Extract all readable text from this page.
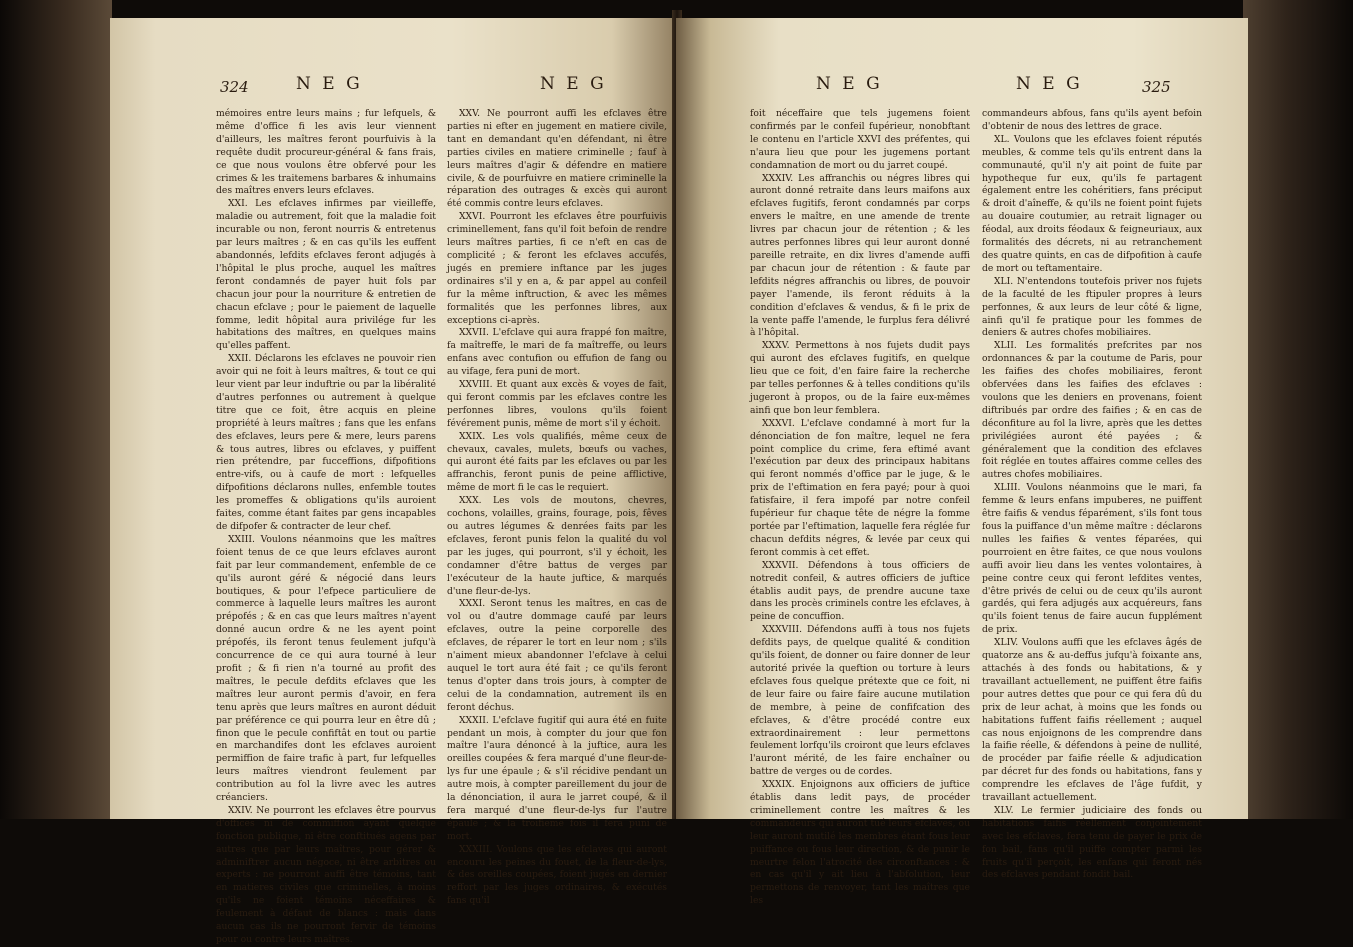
324	N E G	N E G

mémoires entre leurs mains ; fur lefquels, & même d'office fi les avis leur viennent d'ailleurs, les maîtres feront pourfuivis à la requête dudit procureur-général & fans frais, ce que nous voulons être obfervé pour les crimes & les traitemens barbares & inhumains des maîtres envers leurs efclaves.

XXI. Les efclaves infirmes par vieilleffe, maladie ou autrement, foit que la maladie foit incurable ou non, feront nourris & entretenus par leurs maîtres ; & en cas qu'ils les euffent abandonnés, lefdits efclaves feront adjugés à l'hôpital le plus proche, auquel les maîtres feront condamnés de payer huit fols par chacun jour pour la nourriture & entretien de chacun efclave ; pour le paiement de laquelle fomme, ledit hôpital aura privilége fur les habitations des maîtres, en quelques mains qu'elles paffent.

XXII. Déclarons les efclaves ne pouvoir rien avoir qui ne foit à leurs maîtres, & tout ce qui leur vient par leur induftrie ou par la libéralité d'autres perfonnes ou autrement à quelque titre que ce foit, être acquis en pleine propriété à leurs maîtres ; fans que les enfans des efclaves, leurs pere & mere, leurs parens & tous autres, libres ou efclaves, y puiffent rien prétendre, par fucceffions, difpofitions entre-vifs, ou à caufe de mort : lefquelles difpofitions déclarons nulles, enfemble toutes les promeffes & obligations qu'ils auroient faites, comme étant faites par gens incapables de difpofer & contracter de leur chef.

XXIII. Voulons néanmoins que les maîtres foient tenus de ce que leurs efclaves auront fait par leur commandement, enfemble de ce qu'ils auront géré & négocié dans leurs boutiques, & pour l'efpece particuliere de commerce à laquelle leurs maîtres les auront prépofés ; & en cas que leurs maîtres n'ayent donné aucun ordre & ne les ayent point prépofés, ils feront tenus feulement jufqu'à concurrence de ce qui aura tourné à leur profit ; & fi rien n'a tourné au profit des maîtres, le pecule defdits efclaves que les maîtres leur auront permis d'avoir, en fera tenu après que leurs maîtres en auront déduit par préférence ce qui pourra leur en être dû ; finon que le pecule confiftât en tout ou partie en marchandifes dont les efclaves auroient permiffion de faire trafic à part, fur lefquelles leurs maîtres viendront feulement par contribution au fol la livre avec les autres créanciers.

XXIV. Ne pourront les efclaves être pourvus d'offices ni de commiffion ayant quelque fonction publique, ni être conftitués agens par autres que par leurs maîtres, pour gérer & adminiftrer aucun négoce, ni être arbitres ou experts : ne pourront auffi être témoins, tant en matieres civiles que criminelles, à moins qu'ils ne foient témoins néceffaires & feulement à défaut de blancs : mais dans aucun cas ils ne pourront fervir de témoins pour ou contre leurs maîtres.

XXV. Ne pourront auffi les efclaves être parties ni efter en jugement en matiere civile, tant en demandant qu'en défendant, ni être parties civiles en matiere criminelle ; fauf à leurs maîtres d'agir & défendre en matiere civile, & de pourfuivre en matiere criminelle la réparation des outrages & excès qui auront été commis contre leurs efclaves.

XXVI. Pourront les efclaves être pourfuivis criminellement, fans qu'il foit befoin de rendre leurs maîtres parties, fi ce n'eft en cas de complicité ; & feront les efclaves accufés, jugés en premiere inftance par les juges ordinaires s'il y en a, & par appel au confeil fur la même inftruction, & avec les mêmes formalités que les perfonnes libres, aux exceptions ci-après.

XXVII. L'efclave qui aura frappé fon maître, fa maîtreffe, le mari de fa maîtreffe, ou leurs enfans avec contufion ou effufion de fang ou au vifage, fera puni de mort.

XXVIII. Et quant aux excès & voyes de fait, qui feront commis par les efclaves contre les perfonnes libres, voulons qu'ils foient févérement punis, même de mort s'il y échoit.

XXIX. Les vols qualifiés, même ceux de chevaux, cavales, mulets, bœufs ou vaches, qui auront été faits par les efclaves ou par les affranchis, feront punis de peine afflictive, même de mort fi le cas le requiert.

XXX. Les vols de moutons, chevres, cochons, volailles, grains, fourage, pois, fêves ou autres légumes & denrées faits par les efclaves, feront punis felon la qualité du vol par les juges, qui pourront, s'il y échoit, les condamner d'être battus de verges par l'exécuteur de la haute juftice, & marqués d'une fleur-de-lys.

XXXI. Seront tenus les maîtres, en cas de vol ou d'autre dommage caufé par leurs efclaves, outre la peine corporelle des efclaves, de réparer le tort en leur nom ; s'ils n'aiment mieux abandonner l'efclave à celui auquel le tort aura été fait ; ce qu'ils feront tenus d'opter dans trois jours, à compter de celui de la condamnation, autrement ils en feront déchus.

XXXII. L'efclave fugitif qui aura été en fuite pendant un mois, à compter du jour que fon maître l'aura dénoncé à la juftice, aura les oreilles coupées & fera marqué d'une fleur-de-lys fur une épaule ; & s'il récidive pendant un autre mois, à compter pareillement du jour de la dénonciation, il aura le jarret coupé, & il fera marqué d'une fleur-de-lys fur l'autre épaule ; & la troifieme fois il fera puni de mort.

XXXIII. Voulons que les efclaves qui auront encouru les peines du fouet, de la fleur-de-lys, & des oreilles coupées, foient jugés en dernier reffort par les juges ordinaires, & exécutés fans qu'il

N E G	N E G	325

foit néceffaire que tels jugemens foient confirmés par le confeil fupérieur, nonobftant le contenu en l'article XXVI des préfentes, qui n'aura lieu que pour les jugemens portant condamnation de mort ou du jarret coupé.

XXXIV. Les affranchis ou négres libres qui auront donné retraite dans leurs maifons aux efclaves fugitifs, feront condamnés par corps envers le maître, en une amende de trente livres par chacun jour de rétention ; & les autres perfonnes libres qui leur auront donné pareille retraite, en dix livres d'amende auffi par chacun jour de rétention : & faute par lefdits négres affranchis ou libres, de pouvoir payer l'amende, ils feront réduits à la condition d'efclaves & vendus, & fi le prix de la vente paffe l'amende, le furplus fera délivré à l'hôpital.

XXXV. Permettons à nos fujets dudit pays qui auront des efclaves fugitifs, en quelque lieu que ce foit, d'en faire faire la recherche par telles perfonnes & à telles conditions qu'ils jugeront à propos, ou de la faire eux-mêmes ainfi que bon leur femblera.

XXXVI. L'efclave condamné à mort fur la dénonciation de fon maître, lequel ne fera point complice du crime, fera eftimé avant l'exécution par deux des principaux habitans qui feront nommés d'office par le juge, & le prix de l'eftimation en fera payé; pour à quoi fatisfaire, il fera impofé par notre confeil fupérieur fur chaque tête de négre la fomme portée par l'eftimation, laquelle fera réglée fur chacun defdits négres, & levée par ceux qui feront commis à cet effet.

XXXVII. Défendons à tous officiers de notredit confeil, & autres officiers de juftice établis audit pays, de prendre aucune taxe dans les procès criminels contre les efclaves, à peine de concuffion.

XXXVIII. Défendons auffi à tous nos fujets defdits pays, de quelque qualité & condition qu'ils foient, de donner ou faire donner de leur autorité privée la queftion ou torture à leurs efclaves fous quelque prétexte que ce foit, ni de leur faire ou faire faire aucune mutilation de membre, à peine de confifcation des efclaves, & d'être procédé contre eux extraordinairement : leur permettons feulement lorfqu'ils croiront que leurs efclaves l'auront mérité, de les faire enchaîner ou battre de verges ou de cordes.

XXXIX. Enjoignons aux officiers de juftice établis dans ledit pays, de procéder criminellement contre les maîtres & les commandeurs qui auront tué leurs efclaves, ou leur auront mutilé les membres étant fous leur puiffance ou fous leur direction, & de punir le meurtre felon l'atrocité des circonftances : & en cas qu'il y ait lieu à l'abfolution, leur permettons de renvoyer, tant les maîtres que les

commandeurs abfous, fans qu'ils ayent befoin d'obtenir de nous des lettres de grace.

XL. Voulons que les efclaves foient réputés meubles, & comme tels qu'ils entrent dans la communauté, qu'il n'y ait point de fuite par hypotheque fur eux, qu'ils fe partagent également entre les cohéritiers, fans préciput & droit d'aîneffe, & qu'ils ne foient point fujets au douaire coutumier, au retrait lignager ou féodal, aux droits féodaux & feigneuriaux, aux formalités des décrets, ni au retranchement des quatre quints, en cas de difpofition à caufe de mort ou teftamentaire.

XLI. N'entendons toutefois priver nos fujets de la faculté de les ftipuler propres à leurs perfonnes, & aux leurs de leur côté & ligne, ainfi qu'il fe pratique pour les fommes de deniers & autres chofes mobiliaires.

XLII. Les formalités prefcrites par nos ordonnances & par la coutume de Paris, pour les faifies des chofes mobiliaires, feront obfervées dans les faifies des efclaves : voulons que les deniers en provenans, foient diftribués par ordre des faifies ; & en cas de déconfiture au fol la livre, après que les dettes privilégiées auront été payées ; & généralement que la condition des efclaves foit réglée en toutes affaires comme celles des autres chofes mobiliaires.

XLIII. Voulons néanmoins que le mari, fa femme & leurs enfans impuberes, ne puiffent être faifis & vendus féparément, s'ils font tous fous la puiffance d'un même maître : déclarons nulles les faifies & ventes féparées, qui pourroient en être faites, ce que nous voulons auffi avoir lieu dans les ventes volontaires, à peine contre ceux qui feront lefdites ventes, d'être privés de celui ou de ceux qu'ils auront gardés, qui fera adjugés aux acquéreurs, fans qu'ils foient tenus de faire aucun fupplément de prix.

XLIV. Voulons auffi que les efclaves âgés de quatorze ans & au-deffus jufqu'à foixante ans, attachés à des fonds ou habitations, & y travaillant actuellement, ne puiffent être faifis pour autres dettes que pour ce qui fera dû du prix de leur achat, à moins que les fonds ou habitations fuffent faifis réellement ; auquel cas nous enjoignons de les comprendre dans la faifie réelle, & défendons à peine de nullité, de procéder par faifie réelle & adjudication par décret fur des fonds ou habitations, fans y comprendre les efclaves de l'âge fufdit, y travaillant actuellement.

XLV. Le fermier judiciaire des fonds ou habitations faifis réellement conjointement avec les efclaves, fera tenu de payer le prix de fon bail, fans qu'il puiffe compter parmi les fruits qu'il perçoit, les enfans qui feront nés des efclaves pendant fondit bail.
